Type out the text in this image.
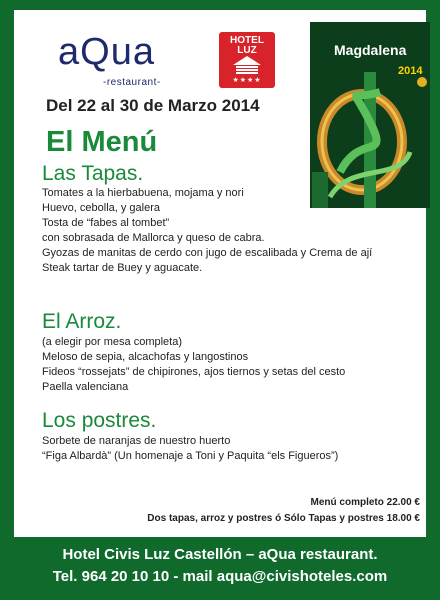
aQua
-restaurant-
HOTEL
LUZ
★★★★
Magdalena
2014
Del 22 al 30 de Marzo 2014
El Menú
Las Tapas.
Tomates a la hierbabuena, mojama y nori
Huevo, cebolla, y galera
Tosta de “fabes al tombet”
con sobrasada de Mallorca y queso de cabra.
Gyozas de manitas de cerdo con jugo de escalibada y Crema de ají
Steak tartar de Buey y aguacate.
El Arroz.
(a elegir por mesa completa)
Meloso de sepia, alcachofas y langostinos
Fideos “rossejats” de chipirones, ajos tiernos y setas del cesto
Paella valenciana
Los postres.
Sorbete de naranjas de nuestro huerto
“Figa Albardà” (Un homenaje a Toni y Paquita “els Figueros”)
Menú completo 22.00 €
Dos tapas, arroz y postres ó Sólo Tapas y postres 18.00 €
Hotel Civis Luz Castellón – aQua restaurant.
Tel. 964 20 10 10 - mail aqua@civishoteles.com
